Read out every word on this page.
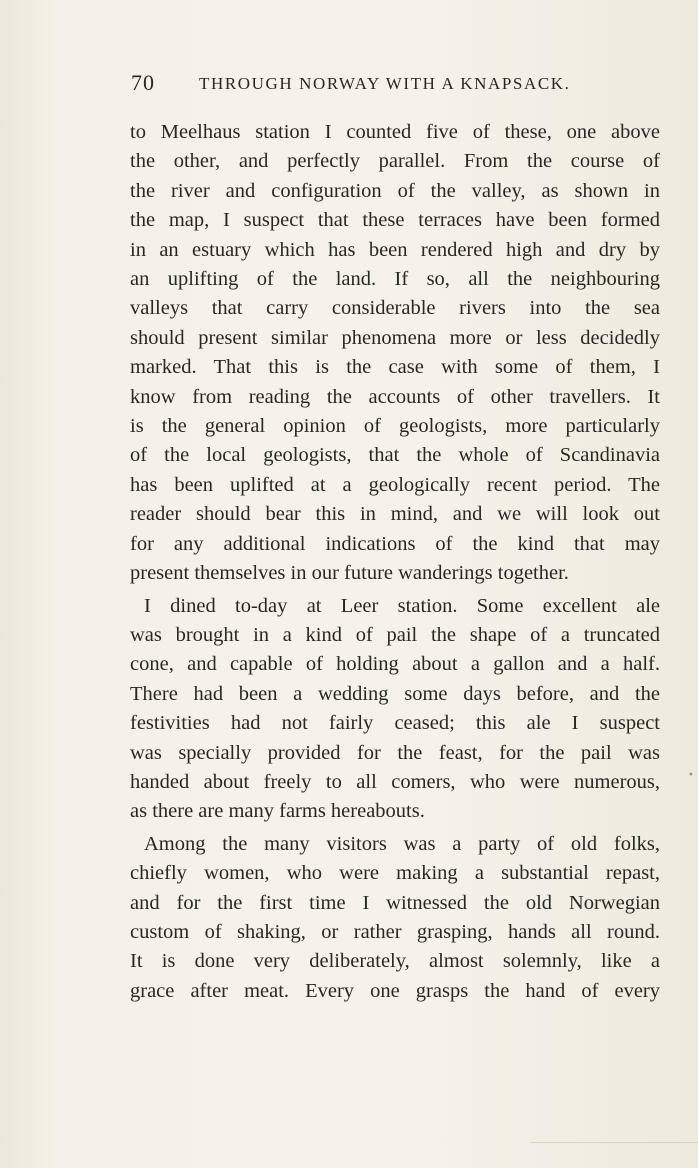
70	THROUGH NORWAY WITH A KNAPSACK.
to Meelhaus station I counted five of these, one above
the other, and perfectly parallel. From the course of
the river and configuration of the valley, as shown in
the map, I suspect that these terraces have been formed
in an estuary which has been rendered high and dry by
an uplifting of the land. If so, all the neighbouring
valleys that carry considerable rivers into the sea
should present similar phenomena more or less decidedly
marked. That this is the case with some of them, I
know from reading the accounts of other travellers. It
is the general opinion of geologists, more particularly
of the local geologists, that the whole of Scandinavia
has been uplifted at a geologically recent period. The
reader should bear this in mind, and we will look out
for any additional indications of the kind that may
present themselves in our future wanderings together.
I dined to-day at Leer station. Some excellent ale
was brought in a kind of pail the shape of a truncated
cone, and capable of holding about a gallon and a half.
There had been a wedding some days before, and the
festivities had not fairly ceased; this ale I suspect
was specially provided for the feast, for the pail was
handed about freely to all comers, who were numerous,
as there are many farms hereabouts.
Among the many visitors was a party of old folks,
chiefly women, who were making a substantial repast,
and for the first time I witnessed the old Norwegian
custom of shaking, or rather grasping, hands all round.
It is done very deliberately, almost solemnly, like a
grace after meat. Every one grasps the hand of every
•
